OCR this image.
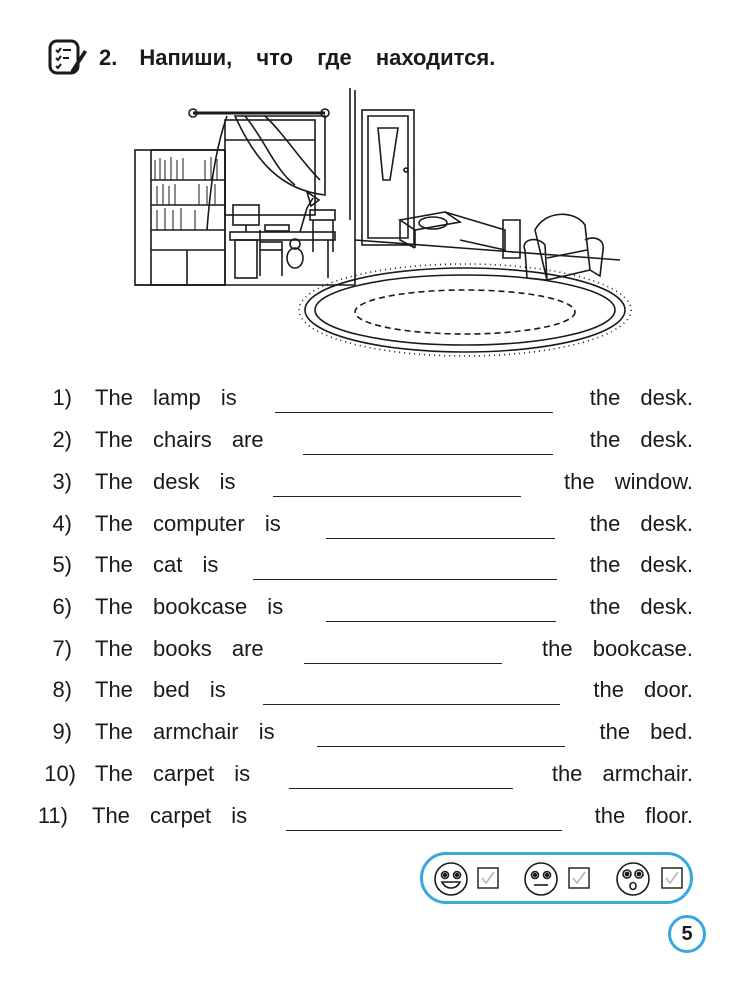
2. Напиши, что где находится.
1) The lamp is	the desk.
2) The chairs are	the desk.
3) The desk is	the window.
4) The computer is	the desk.
5) The cat is	the desk.
6) The bookcase is	the desk.
7) The books are	the bookcase.
8) The bed is	the door.
9) The armchair is	the bed.
10) The carpet is	the armchair.
11) The carpet is	the floor.
5
